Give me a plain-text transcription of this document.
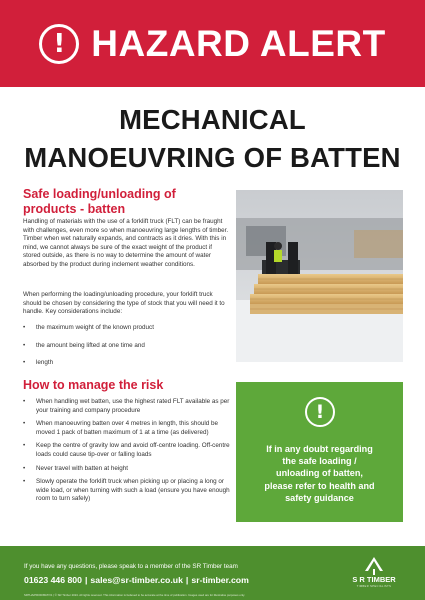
! HAZARD ALERT
MECHANICAL
MANOEUVRING OF BATTEN
Safe loading/unloading of
products - batten
Handling of materials with the use of a forklift truck (FLT) can be fraught with challenges, even more so when manoeuvring large lengths of timber. Timber when wet naturally expands, and contracts as it dries. With this in mind, we cannot always be sure of the exact weight of the product if stored outside, as there is no way to determine the amount of water absorbed by the product during inclement weather conditions.
When performing the loading/unloading procedure, your forklift truck should be chosen by considering the type of stock that you will need it to handle. Key considerations include:
• the maximum weight of the known product
• the amount being lifted at one time and
• length
How to manage the risk
• When handling wet batten, use the highest rated FLT available as per your training and company procedure
• When manoeuvring batten over 4 metres in length, this should be moved 1 pack of batten maximum of 1 at a time (as delivered)
• Keep the centre of gravity low and avoid off-centre loading. Off-centre loads could cause tip-over or falling loads
• Never travel with batten at height
• Slowly operate the forklift truck when picking up or placing a long or wide load, or when turning with such a load (ensure you have enough room to turn safely)
!
If in any doubt regarding
the safe loading /
unloading of batten,
please refer to health and
safety guidance
If you have any questions, please speak to a member of the SR Timber team
01623 446 800 | sales@sr-timber.co.uk | sr-timber.com
SRTHA/PROD/BAT/V1 | © SR Timber 2024. All rights reserved. This information is believed to be accurate at the time of publication. Images used are for illustrative purposes only.
S R TIMBER
TIMBER SPECIALISTS
